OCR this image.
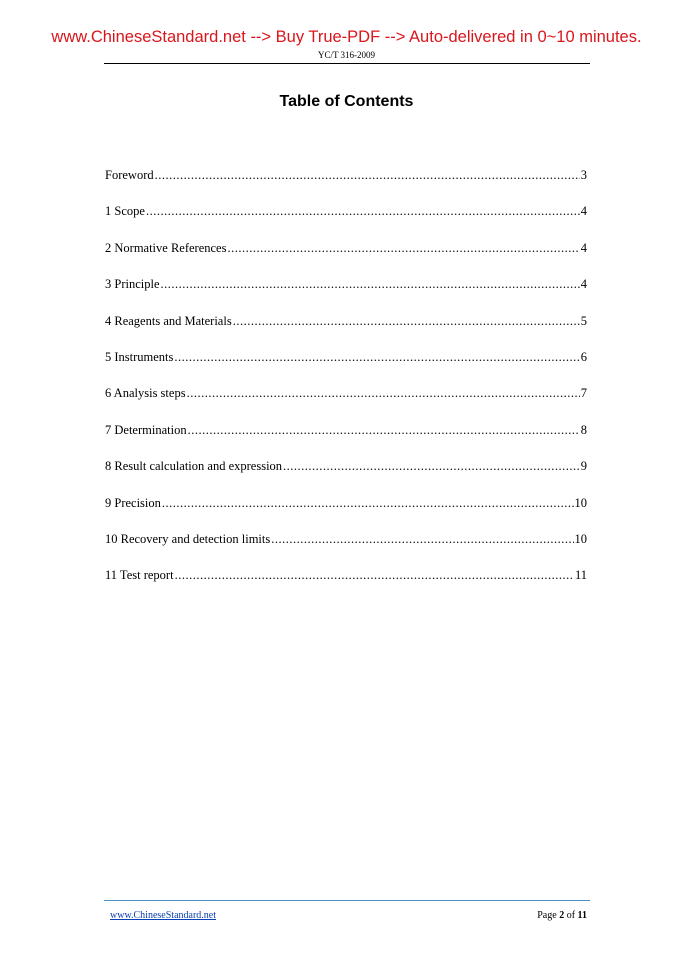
www.ChineseStandard.net --> Buy True-PDF --> Auto-delivered in 0~10 minutes.
YC/T 316-2009
Table of Contents
Foreword .....	3
1 Scope .....	4
2 Normative References .....	4
3 Principle .....	4
4 Reagents and Materials .....	5
5 Instruments .....	6
6 Analysis steps .....	7
7 Determination .....	8
8 Result calculation and expression .....	9
9 Precision .....	10
10 Recovery and detection limits .....	10
11 Test report .....	11
www.ChineseStandard.net	Page 2 of 11
